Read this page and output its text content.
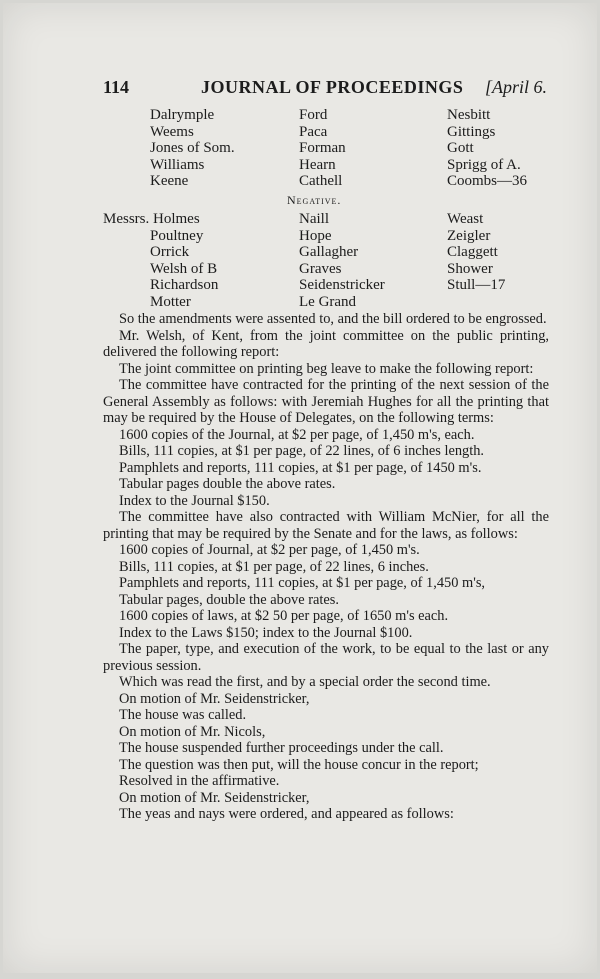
114	JOURNAL OF PROCEEDINGS [April 6.
Dalrymple	Ford	Nesbitt
Weems	Paca	Gittings
Jones of Som.	Forman	Gott
Williams	Hearn	Sprigg of A.
Keene	Cathell	Coombs—36
Negative.
Messrs. Holmes	Naill	Weast
Poultney	Hope	Zeigler
Orrick	Gallagher	Claggett
Welsh of B	Graves	Shower
Richardson	Seidenstricker	Stull—17
Motter	Le Grand

So the amendments were assented to, and the bill ordered to be engrossed.

Mr. Welsh, of Kent, from the joint committee on the public printing, delivered the following report:

The joint committee on printing beg leave to make the following report:

The committee have contracted for the printing of the next session of the General Assembly as follows: with Jeremiah Hughes for all the printing that may be required by the House of Delegates, on the following terms:

1600 copies of the Journal, at $2 per page, of 1,450 m's, each.

Bills, 111 copies, at $1 per page, of 22 lines, of 6 inches length.

Pamphlets and reports, 111 copies, at $1 per page, of 1450 m's.

Tabular pages double the above rates.

Index to the Journal $150.

The committee have also contracted with William McNier, for all the printing that may be required by the Senate and for the laws, as follows:

1600 copies of Journal, at $2 per page, of 1,450 m's.

Bills, 111 copies, at $1 per page, of 22 lines, 6 inches.

Pamphlets and reports, 111 copies, at $1 per page, of 1,450 m's,

Tabular pages, double the above rates.

1600 copies of laws, at $2 50 per page, of 1650 m's each.

Index to the Laws $150; index to the Journal $100.

The paper, type, and execution of the work, to be equal to the last or any previous session.

Which was read the first, and by a special order the second time.

On motion of Mr. Seidenstricker,

The house was called.

On motion of Mr. Nicols,

The house suspended further proceedings under the call.

The question was then put, will the house concur in the report;

Resolved in the affirmative.

On motion of Mr. Seidenstricker,

The yeas and nays were ordered, and appeared as follows:
